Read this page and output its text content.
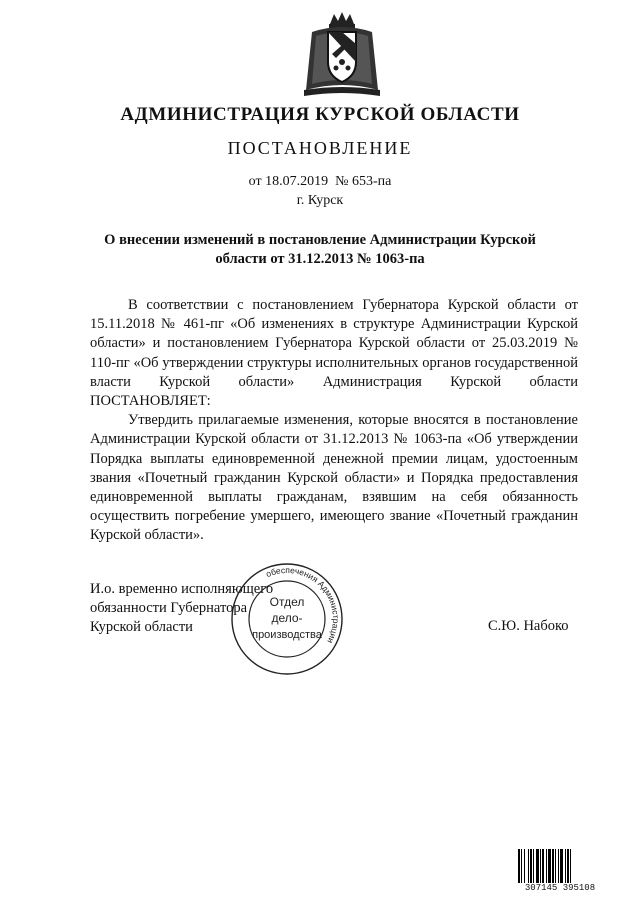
АДМИНИСТРАЦИЯ КУРСКОЙ ОБЛАСТИ
ПОСТАНОВЛЕНИЕ
от 18.07.2019  № 653-па
г. Курск
О внесении изменений в постановление Администрации Курской
области от 31.12.2013 № 1063-па

В соответствии с постановлением Губернатора Курской области от 15.11.2018 № 461-пг «Об изменениях в структуре Администрации Курской области» и постановлением Губернатора Курской области от 25.03.2019 № 110-пг «Об утверждении структуры исполнительных органов государственной власти Курской области» Администрация Курской области ПОСТАНОВЛЯЕТ:

Утвердить прилагаемые изменения, которые вносятся в постановление Администрации Курской области от 31.12.2013 № 1063-па «Об утверждении Порядка выплаты единовременной денежной премии лицам, удостоенным звания «Почетный гражданин Курской области» и Порядка предоставления единовременной выплаты гражданам, взявшим на себя обязанность осуществить погребение умершего, имеющего звание «Почетный гражданин Курской области».

И.о. временно исполняющего
обязанности Губернатора
Курской области	С.Ю. Набоко
обеспечения Администрации
Отдел
дело-
производства
307145 395108
